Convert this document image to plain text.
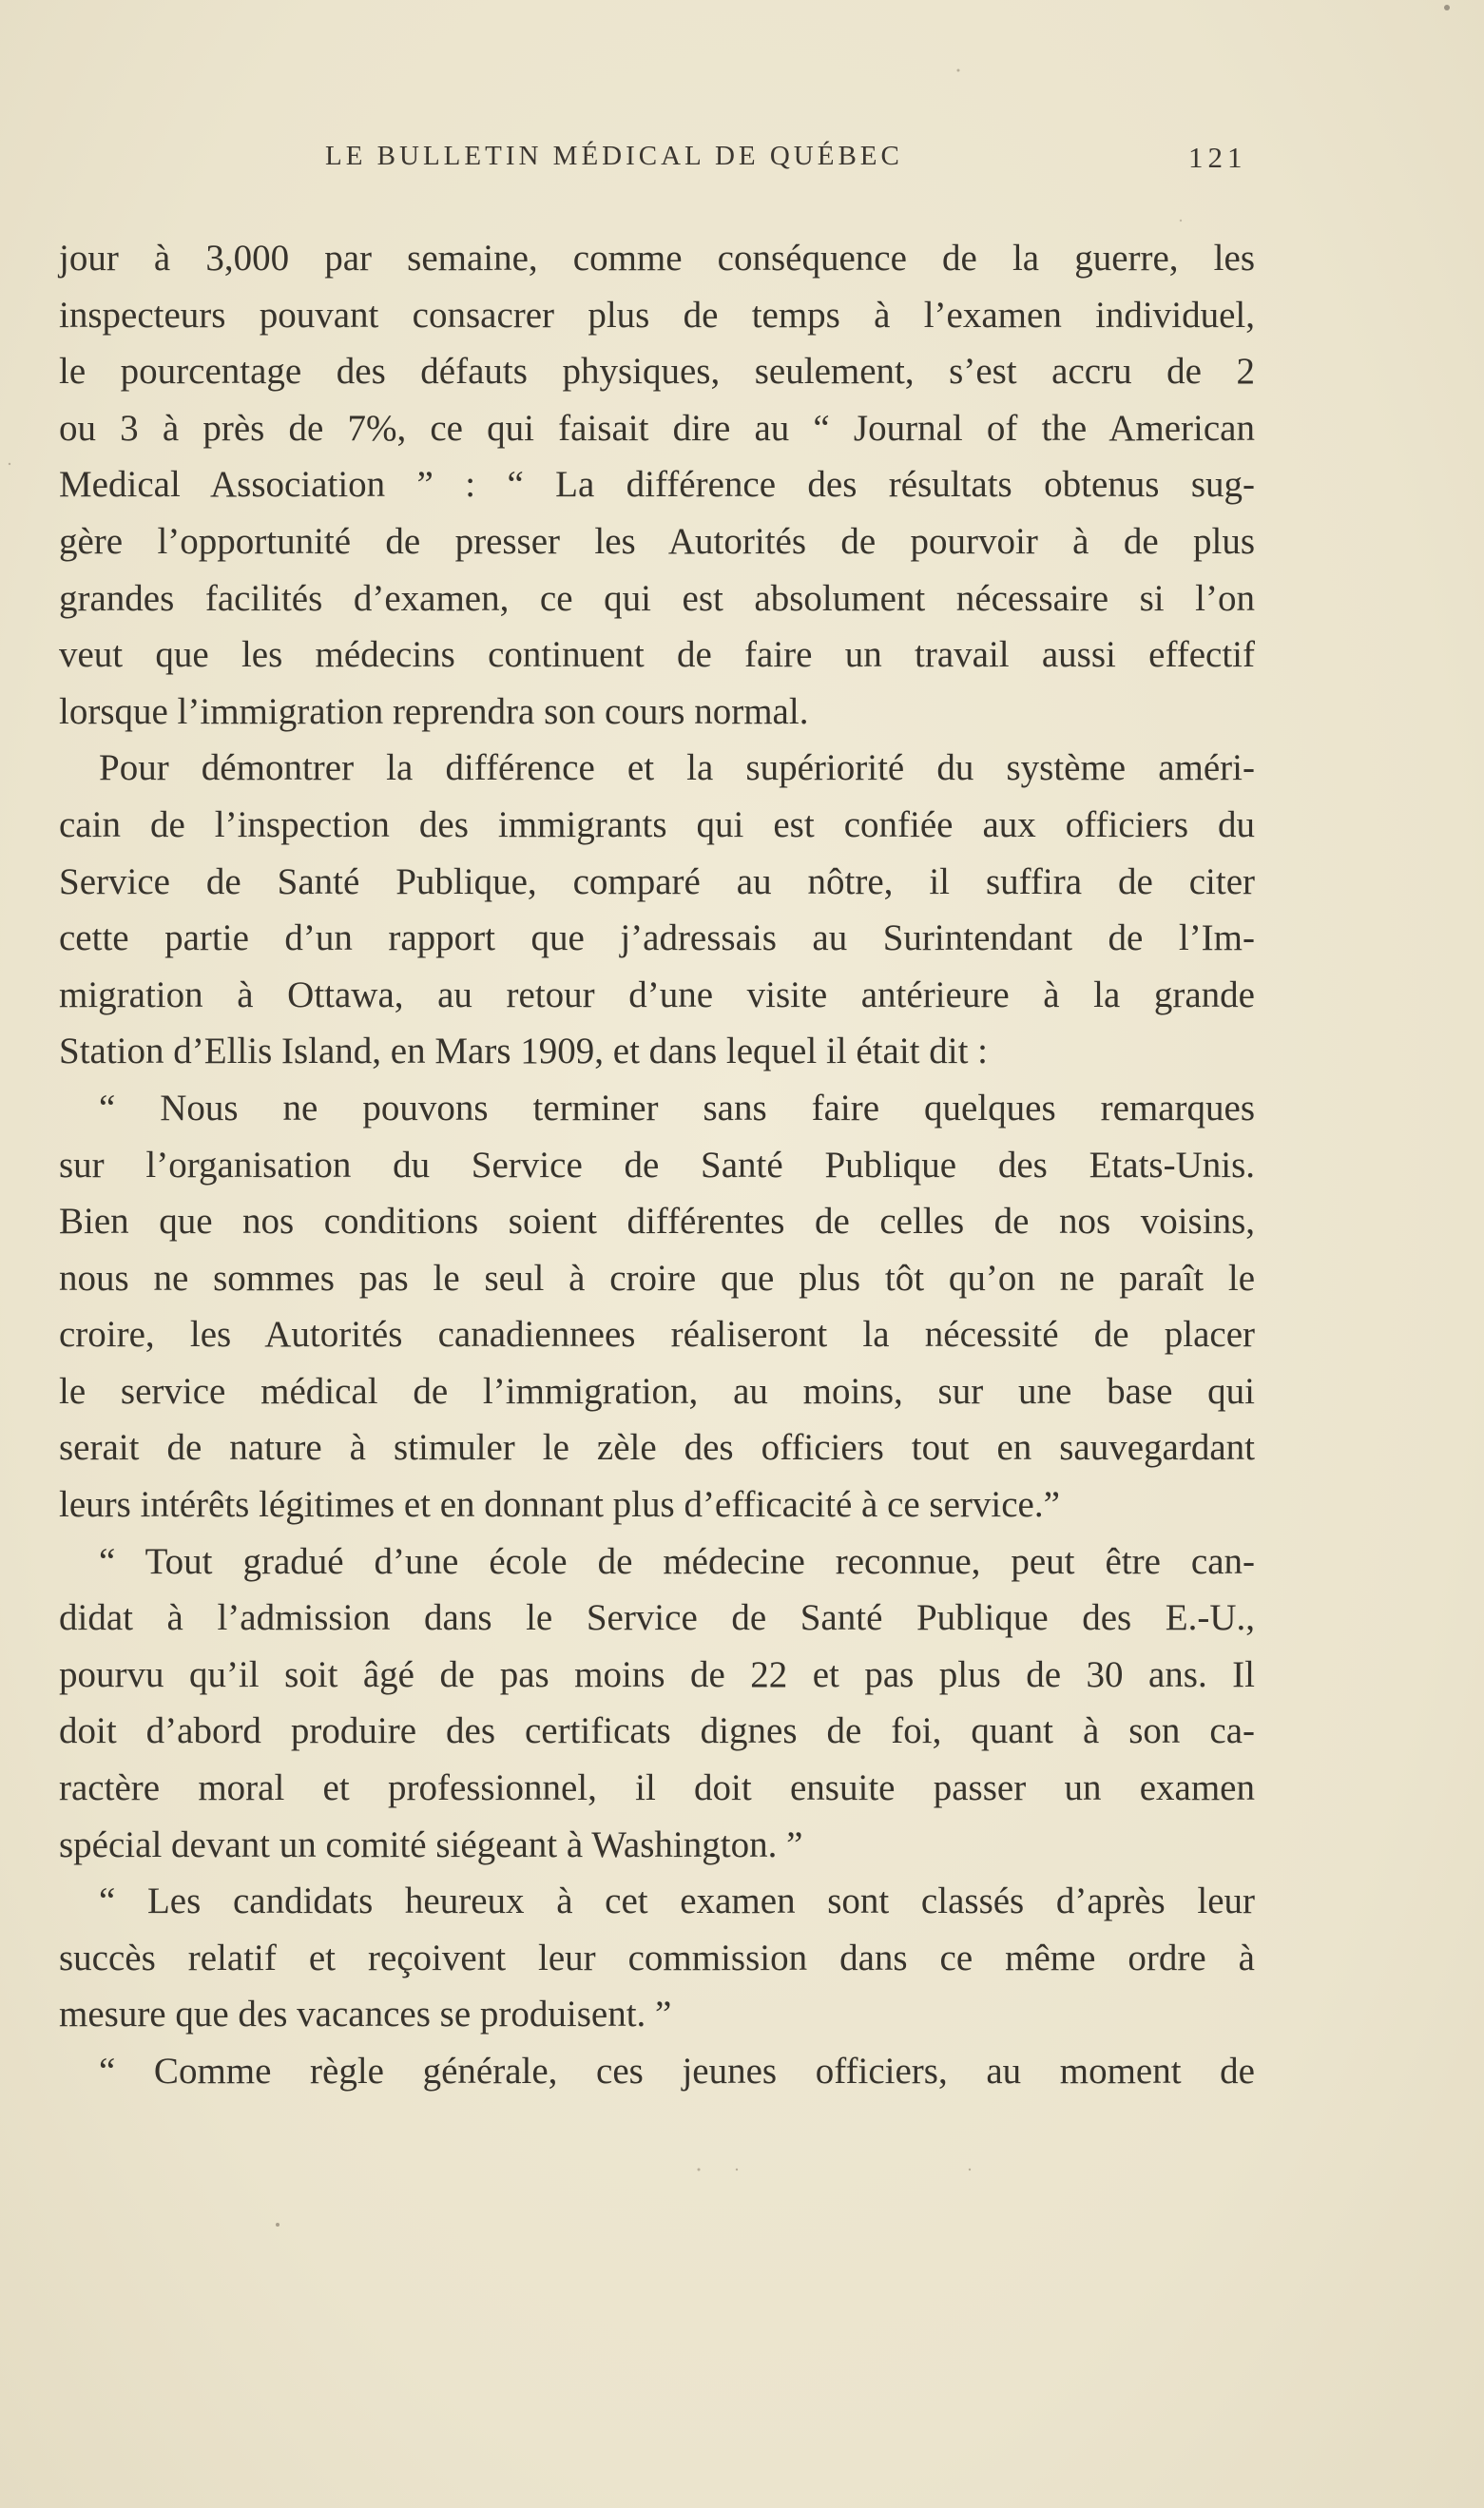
LE BULLETIN MÉDICAL DE QUÉBEC	121
jour à 3,000 par semaine, comme conséquence de la guerre, les
inspecteurs pouvant consacrer plus de temps à l’examen individuel,
le pourcentage des défauts physiques, seulement, s’est accru de 2
ou 3 à près de 7%, ce qui faisait dire au “ Journal of the American
Medical Association ” : “ La différence des résultats obtenus sug-
gère l’opportunité de presser les Autorités de pourvoir à de plus
grandes facilités d’examen, ce qui est absolument nécessaire si l’on
veut que les médecins continuent de faire un travail aussi effectif
lorsque l’immigration reprendra son cours normal.
Pour démontrer la différence et la supériorité du système améri-
cain de l’inspection des immigrants qui est confiée aux officiers du
Service de Santé Publique, comparé au nôtre, il suffira de citer
cette partie d’un rapport que j’adressais au Surintendant de l’Im-
migration à Ottawa, au retour d’une visite antérieure à la grande
Station d’Ellis Island, en Mars 1909, et dans lequel il était dit :
“ Nous ne pouvons terminer sans faire quelques remarques
sur l’organisation du Service de Santé Publique des Etats-Unis.
Bien que nos conditions soient différentes de celles de nos voisins,
nous ne sommes pas le seul à croire que plus tôt qu’on ne paraît le
croire, les Autorités canadiennees réaliseront la nécessité de placer
le service médical de l’immigration, au moins, sur une base qui
serait de nature à stimuler le zèle des officiers tout en sauvegardant
leurs intérêts légitimes et en donnant plus d’efficacité à ce service.”
“ Tout gradué d’une école de médecine reconnue, peut être can-
didat à l’admission dans le Service de Santé Publique des E.-U.,
pourvu qu’il soit âgé de pas moins de 22 et pas plus de 30 ans. Il
doit d’abord produire des certificats dignes de foi, quant à son ca-
ractère moral et professionnel, il doit ensuite passer un examen
spécial devant un comité siégeant à Washington. ”
“ Les candidats heureux à cet examen sont classés d’après leur
succès relatif et reçoivent leur commission dans ce même ordre à
mesure que des vacances se produisent. ”
“ Comme règle générale, ces jeunes officiers, au moment de
